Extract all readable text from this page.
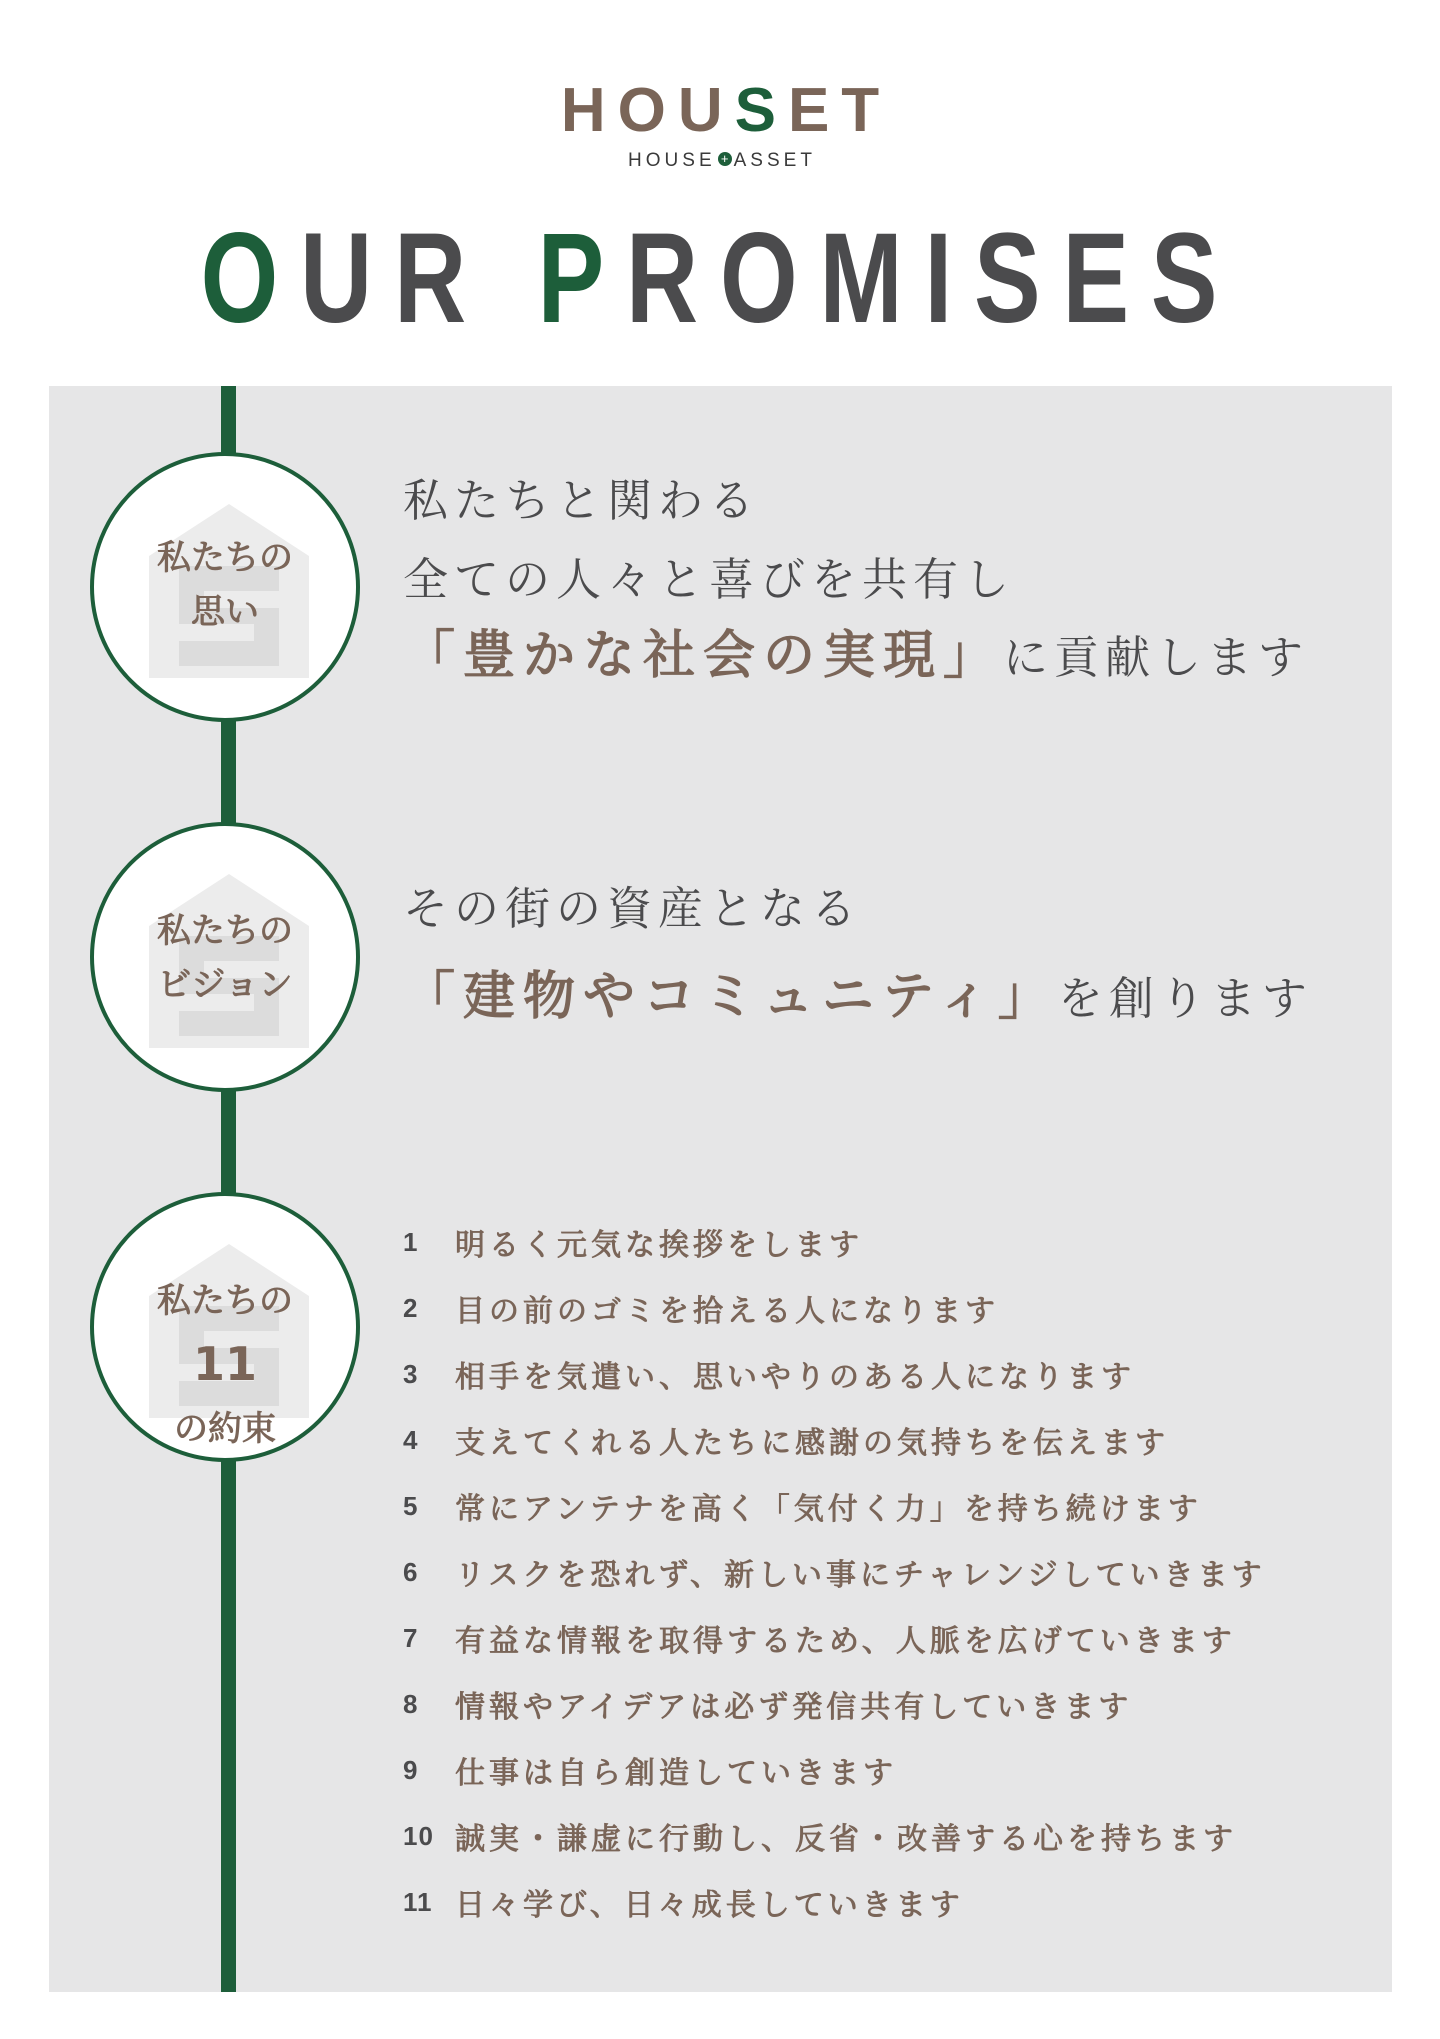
HOU S ET
HOUSE + ASSET
OUR PROMISES
私たちの
思い
私たちと関わる
全ての人々と喜びを共有し
「豊かな社会の実現」に貢献します
私たちの
ビジョン
その街の資産となる
「建物やコミュニティ」を創ります
私たちの
11
の約束
1	明るく元気な挨拶をします
2	目の前のゴミを拾える人になります
3	相手を気遣い、思いやりのある人になります
4	支えてくれる人たちに感謝の気持ちを伝えます
5	常にアンテナを高く「気付く力」を持ち続けます
6	リスクを恐れず、新しい事にチャレンジしていきます
7	有益な情報を取得するため、人脈を広げていきます
8	情報やアイデアは必ず発信共有していきます
9	仕事は自ら創造していきます
10 誠実・謙虚に行動し、反省・改善する心を持ちます
11 日々学び、日々成長していきます
